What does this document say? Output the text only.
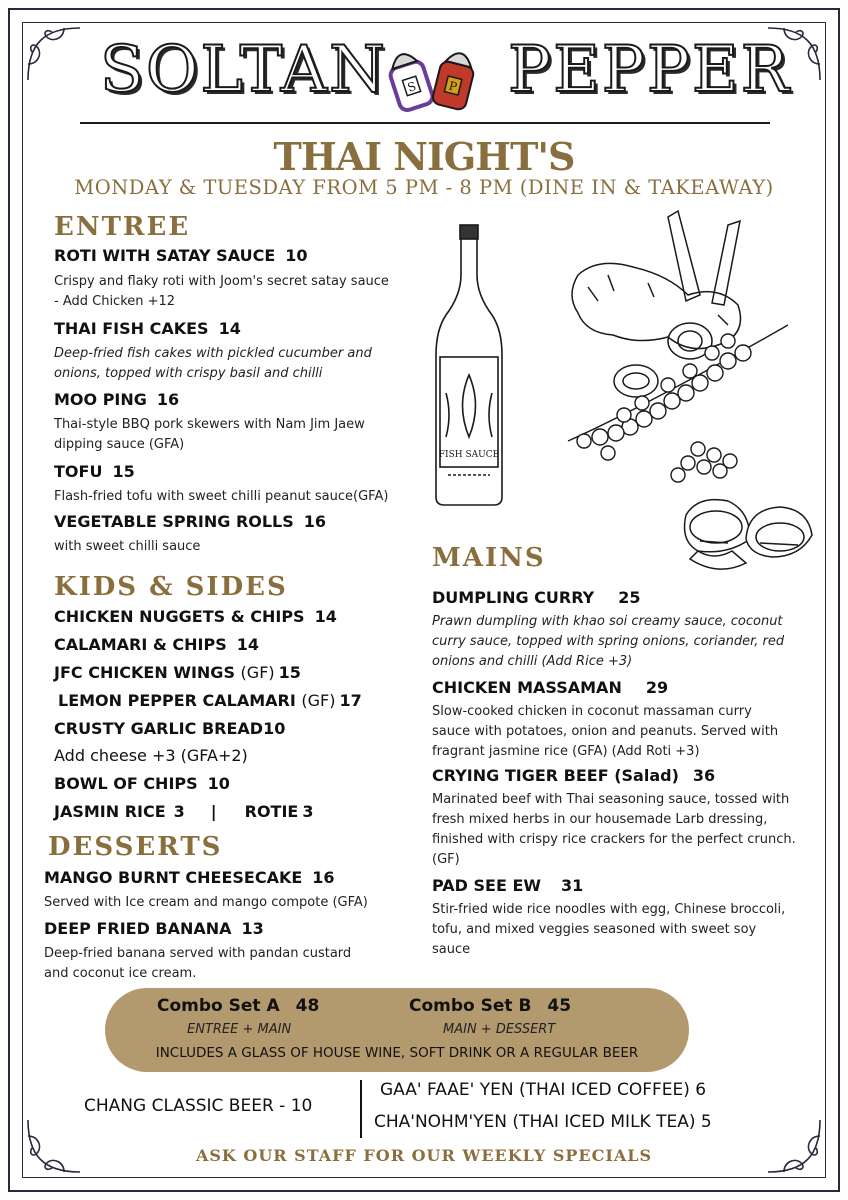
SOLTAN S P PEPPER
THAI NIGHT'S
MONDAY & TUESDAY FROM 5 PM - 8 PM (DINE IN & TAKEAWAY)
ENTREE
ROTI WITH SATAY SAUCE 10
Crispy and flaky roti with Joom's secret satay sauce
- Add Chicken +12
THAI FISH CAKES 14
Deep-fried fish cakes with pickled cucumber and
onions, topped with crispy basil and chilli
MOO PING 16
Thai-style BBQ pork skewers with Nam Jim Jaew
dipping sauce (GFA)
TOFU 15
Flash-fried tofu with sweet chilli peanut sauce(GFA)
VEGETABLE SPRING ROLLS 16
with sweet chilli sauce
KIDS & SIDES
CHICKEN NUGGETS & CHIPS 14
CALAMARI & CHIPS 14
JFC CHICKEN WINGS (GF) 15
LEMON PEPPER CALAMARI (GF) 17
CRUSTY GARLIC BREAD10
Add cheese +3 (GFA+2)
BOWL OF CHIPS 10
JASMIN RICE 3 | ROTIE 3
DESSERTS
MANGO BURNT CHEESECAKE 16
Served with Ice cream and mango compote (GFA)
DEEP FRIED BANANA 13
Deep-fried banana served with pandan custard
and coconut ice cream.
FISH SAUCE
MAINS
DUMPLING CURRY 25
Prawn dumpling with khao soi creamy sauce, coconut
curry sauce, topped with spring onions, coriander, red
onions and chilli (Add Rice +3)
CHICKEN MASSAMAN 29
Slow-cooked chicken in coconut massaman curry
sauce with potatoes, onion and peanuts. Served with
fragrant jasmine rice (GFA) (Add Roti +3)
CRYING TIGER BEEF (Salad) 36
Marinated beef with Thai seasoning sauce, tossed with
fresh mixed herbs in our housemade Larb dressing,
finished with crispy rice crackers for the perfect crunch.
(GF)
PAD SEE EW 31
Stir-fried wide rice noodles with egg, Chinese broccoli,
tofu, and mixed veggies seasoned with sweet soy
sauce
Combo Set A 48
ENTREE + MAIN
Combo Set B 45
MAIN + DESSERT
INCLUDES A GLASS OF HOUSE WINE, SOFT DRINK OR A REGULAR BEER
CHANG CLASSIC BEER - 10
GAA' FAAE' YEN (THAI ICED COFFEE) 6
CHA'NOHM'YEN (THAI ICED MILK TEA) 5
ASK OUR STAFF FOR OUR WEEKLY SPECIALS
